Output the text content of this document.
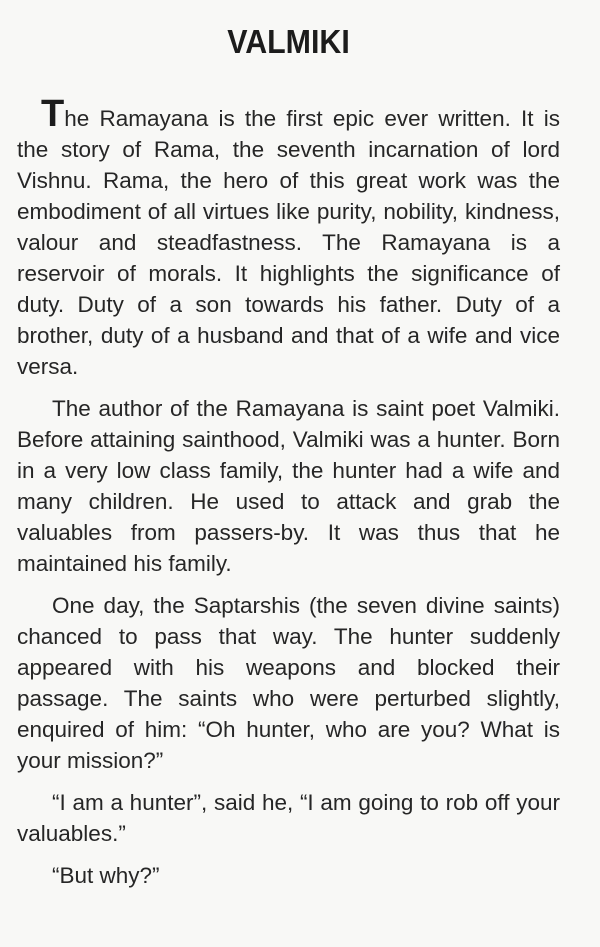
VALMIKI

The Ramayana is the first epic ever written. It is the story of Rama, the seventh incarnation of lord Vishnu. Rama, the hero of this great work was the embodiment of all virtues like purity, nobility, kindness, valour and steadfastness. The Ramayana is a reservoir of morals. It highlights the significance of duty. Duty of a son towards his father. Duty of a brother, duty of a husband and that of a wife and vice versa.

The author of the Ramayana is saint poet Valmiki. Before attaining sainthood, Valmiki was a hunter. Born in a very low class family, the hunter had a wife and many children. He used to attack and grab the valuables from passers-by. It was thus that he maintained his family.

One day, the Saptarshis (the seven divine saints) chanced to pass that way. The hunter suddenly appeared with his weapons and blocked their passage. The saints who were perturbed slightly, enquired of him: “Oh hunter, who are you? What is your mission?”

“I am a hunter”, said he, “I am going to rob off your valuables.”

“But why?”
